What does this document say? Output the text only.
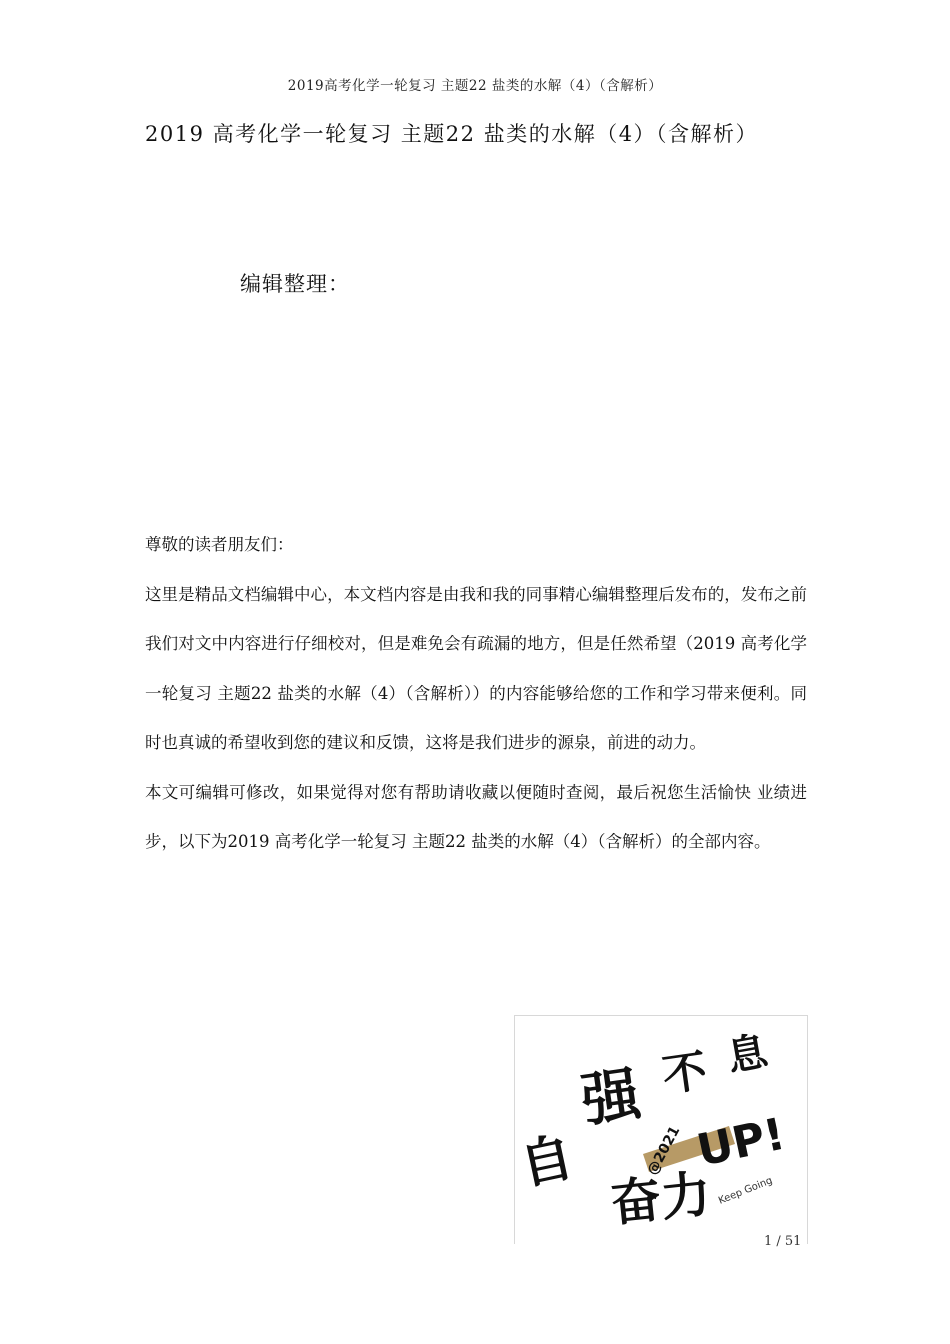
2019高考化学一轮复习 主题22 盐类的水解（4）（含解析）
2019 高考化学一轮复习 主题22 盐类的水解（4）（含解析）
编辑整理：

尊敬的读者朋友们：

这里是精品文档编辑中心，本文档内容是由我和我的同事精心编辑整理后发布的，发布之前我们对文中内容进行仔细校对，但是难免会有疏漏的地方，但是任然希望（2019 高考化学一轮复习 主题22 盐类的水解（4）（含解析））的内容能够给您的工作和学习带来便利。同时也真诚的希望收到您的建议和反馈，这将是我们进步的源泉，前进的动力。

本文可编辑可修改，如果觉得对您有帮助请收藏以便随时查阅，最后祝您生活愉快 业绩进步，以下为2019 高考化学一轮复习 主题22 盐类的水解（4）（含解析）的全部内容。

自
强 不 息
奋力
UP!
@2021
Keep Going
1 / 51
